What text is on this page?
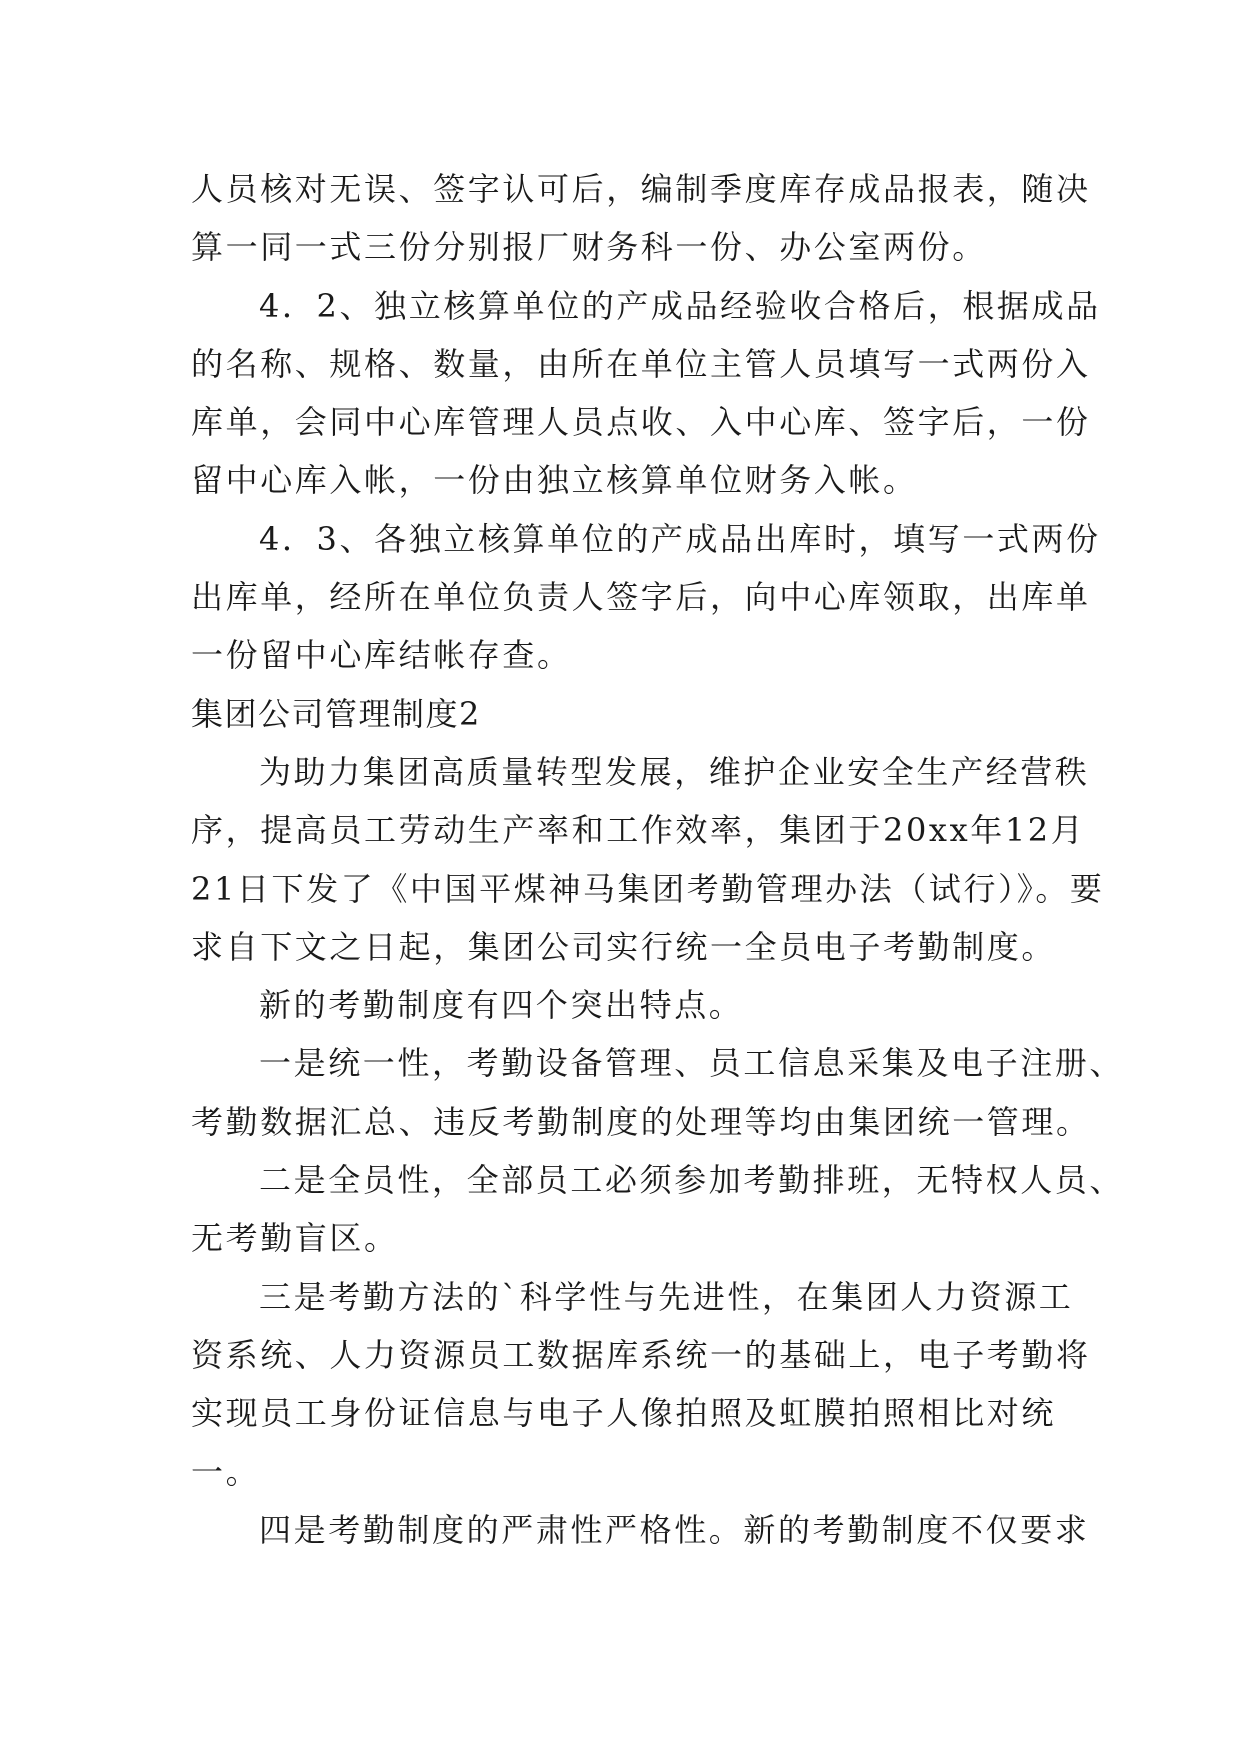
人员核对无误、签字认可后，编制季度库存成品报表，随决
算一同一式三份分别报厂财务科一份、办公室两份。
4．2、独立核算单位的产成品经验收合格后，根据成品
的名称、规格、数量，由所在单位主管人员填写一式两份入
库单，会同中心库管理人员点收、入中心库、签字后，一份
留中心库入帐，一份由独立核算单位财务入帐。
4．3、各独立核算单位的产成品出库时，填写一式两份
出库单，经所在单位负责人签字后，向中心库领取，出库单
一份留中心库结帐存查。
集团公司管理制度2
为助力集团高质量转型发展，维护企业安全生产经营秩
序，提高员工劳动生产率和工作效率，集团于20xx年12月
21日下发了《中国平煤神马集团考勤管理办法（试行）》。要
求自下文之日起，集团公司实行统一全员电子考勤制度。
新的考勤制度有四个突出特点。
一是统一性，考勤设备管理、员工信息采集及电子注册、
考勤数据汇总、违反考勤制度的处理等均由集团统一管理。
二是全员性，全部员工必须参加考勤排班，无特权人员、
无考勤盲区。
三是考勤方法的`科学性与先进性，在集团人力资源工
资系统、人力资源员工数据库系统一的基础上，电子考勤将
实现员工身份证信息与电子人像拍照及虹膜拍照相比对统
一。
四是考勤制度的严肃性严格性。新的考勤制度不仅要求
